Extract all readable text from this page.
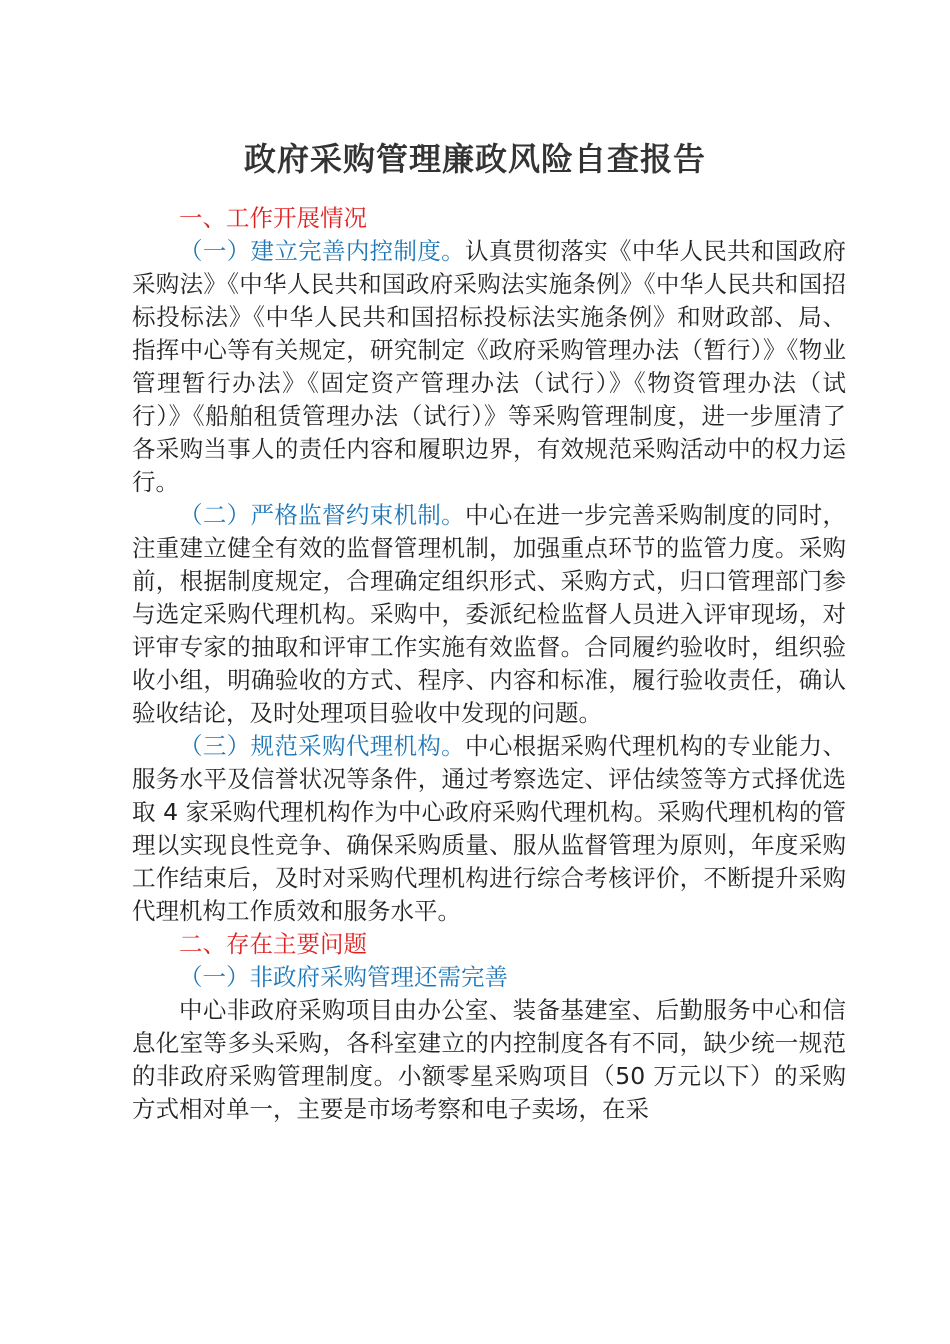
政府采购管理廉政风险自查报告

一、工作开展情况

（一）建立完善内控制度。认真贯彻落实《中华人民共和国政府采购法》《中华人民共和国政府采购法实施条例》《中华人民共和国招标投标法》《中华人民共和国招标投标法实施条例》和财政部、局、指挥中心等有关规定，研究制定《政府采购管理办法（暂行）》《物业管理暂行办法》《固定资产管理办法（试行）》《物资管理办法（试行）》《船舶租赁管理办法（试行）》等采购管理制度，进一步厘清了各采购当事人的责任内容和履职边界，有效规范采购活动中的权力运行。

（二）严格监督约束机制。中心在进一步完善采购制度的同时，注重建立健全有效的监督管理机制，加强重点环节的监管力度。采购前，根据制度规定，合理确定组织形式、采购方式，归口管理部门参与选定采购代理机构。采购中，委派纪检监督人员进入评审现场，对评审专家的抽取和评审工作实施有效监督。合同履约验收时，组织验收小组，明确验收的方式、程序、内容和标准，履行验收责任，确认验收结论，及时处理项目验收中发现的问题。

（三）规范采购代理机构。中心根据采购代理机构的专业能力、服务水平及信誉状况等条件，通过考察选定、评估续签等方式择优选取 4 家采购代理机构作为中心政府采购代理机构。采购代理机构的管理以实现良性竞争、确保采购质量、服从监督管理为原则，年度采购工作结束后，及时对采购代理机构进行综合考核评价，不断提升采购代理机构工作质效和服务水平。

二、存在主要问题

（一）非政府采购管理还需完善

中心非政府采购项目由办公室、装备基建室、后勤服务中心和信息化室等多头采购，各科室建立的内控制度各有不同，缺少统一规范的非政府采购管理制度。小额零星采购项目（50 万元以下）的采购方式相对单一，主要是市场考察和电子卖场，在采
